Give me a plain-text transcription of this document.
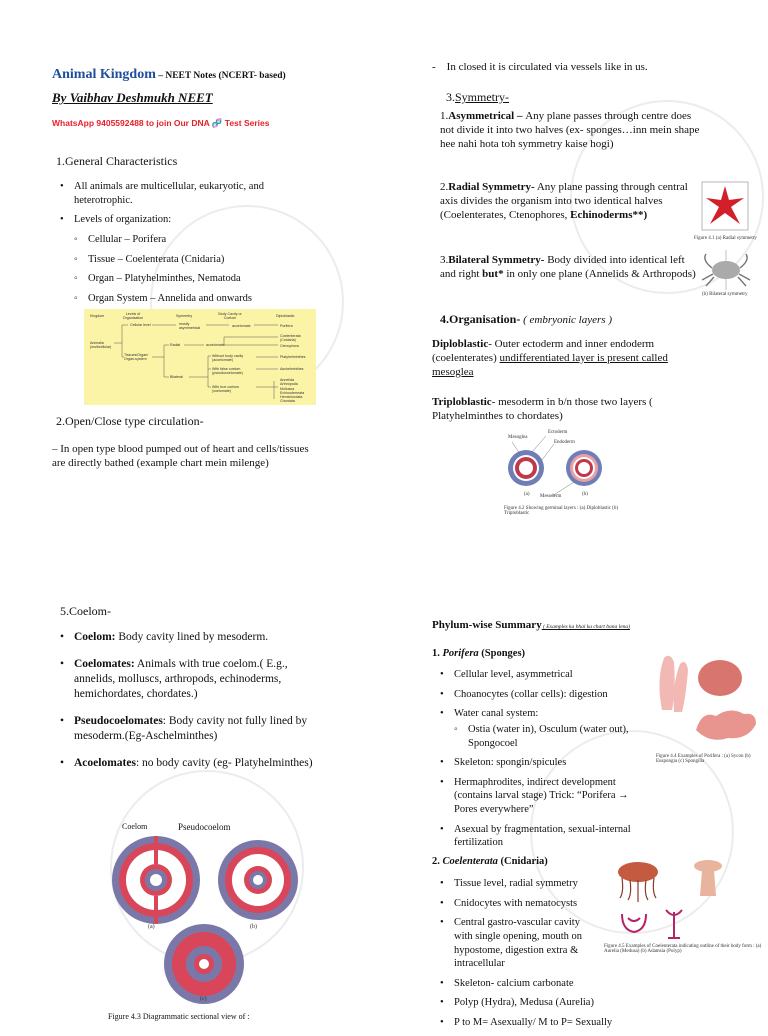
Animal Kingdom – NEET Notes (NCERT- based)
By Vaibhav Deshmukh NEET
WhatsApp 9405592488 to join Our DNA 🧬 Test Series
1.General Characteristics
• All animals are multicellular, eukaryotic, and heterotrophic.
• Levels of organization:
◦ Cellular – Porifera
◦ Tissue – Coelenterata (Cnidaria)
◦ Organ – Platyhelminthes, Nematoda
◦ Organ System – Annelida and onwards
Kingdom	Levels of Organisation	Symmetry	Body Cavity or Coelom	Diploblastic
Cellular level
Animalia (multicellular)
Tissues/Organ/ Organ-system
Radial
Bilateral
Without body cavity (acoelomate)
With false coelom (pseudocoelomate)
With true coelom (coelomate)
mostly asymmetrical	acoelomate
acoelomate
Porifera
Coelenterata (Cnidaria)
Ctenophora
Platyhelminthes
Aschelminthes
Annelida
Arthropoda
Mollusca
Echinodermata
Hemichordata
Chordata
2.Open/Close type circulation-
– In open type blood pumped out of heart and cells/tissues are directly bathed (example chart mein milenge)
-    In closed it is circulated via vessels like in us.
3.Symmetry-
1.Asymmetrical – Any plane passes through centre does not divide it into two halves (ex- sponges…inn mein shape hee nahi hota toh symmetry kaise hogi)
2.Radial Symmetry- Any plane passing through central axis divides the organism into two identical halves (Coelenterates, Ctenophores, Echinoderms**)
3.Bilateral Symmetry- Body divided into identical left and right but* in only one plane (Annelids & Arthropods)
Figure 4.1 (a) Radial symmetry
(b) Bilateral symmetry
4.Organisation- ( embryonic layers )
Diploblastic- Outer ectoderm and inner endoderm (coelenterates) undifferentiated layer is present called mesoglea
Triploblastic- mesoderm in b/n those two layers ( Platyhelminthes to chordates)
Ectoderm
Endoderm
Mesoglea
Mesoderm
(a)	(b)
Figure 4.2 Showing germinal layers : (a) Diploblastic (b) Triploblastic
5.Coelom-
• Coelom: Body cavity lined by mesoderm.
• Coelomates: Animals with true coelom.( E.g., annelids, molluscs, arthropods, echinoderms, hemichordates, chordates.)
• Pseudocoelomates: Body cavity not fully lined by mesoderm.(Eg-Aschelminthes)
• Acoelomates: no body cavity (eg- Platyhelminthes)
Coelom	Pseudocoelom
(a)	(b)
(c)
Figure 4.3 Diagrammatic sectional view of :
Phylum-wise Summary ( Examples ka bhai ka chart bana lena)
1. Porifera (Sponges)
• Cellular level, asymmetrical
• Choanocytes (collar cells): digestion
• Water canal system:
◦ Ostia (water in), Osculum (water out), Spongocoel
• Skeleton: spongin/spicules
• Hermaphrodites, indirect development (contains larval stage) Trick: “Porifera → Pores everywhere”
• Asexual by fragmentation, sexual-internal fertilization
Figure 4.4 Examples of Porifera : (a) Sycon (b) Euspongia (c) Spongilla
2. Coelenterata (Cnidaria)
• Tissue level, radial symmetry
• Cnidocytes with nematocysts
• Central gastro-vascular cavity with single opening, mouth on hypostome, digestion extra & intracellular
• Skeleton- calcium carbonate
• Polyp (Hydra), Medusa (Aurelia)
• P to M= Asexually/ M to P= Sexually
Figure 4.5 Examples of Coelenterata indicating outline of their body form : (a) Aurelia (Medusa) (b) Adamsia (Polyp)
